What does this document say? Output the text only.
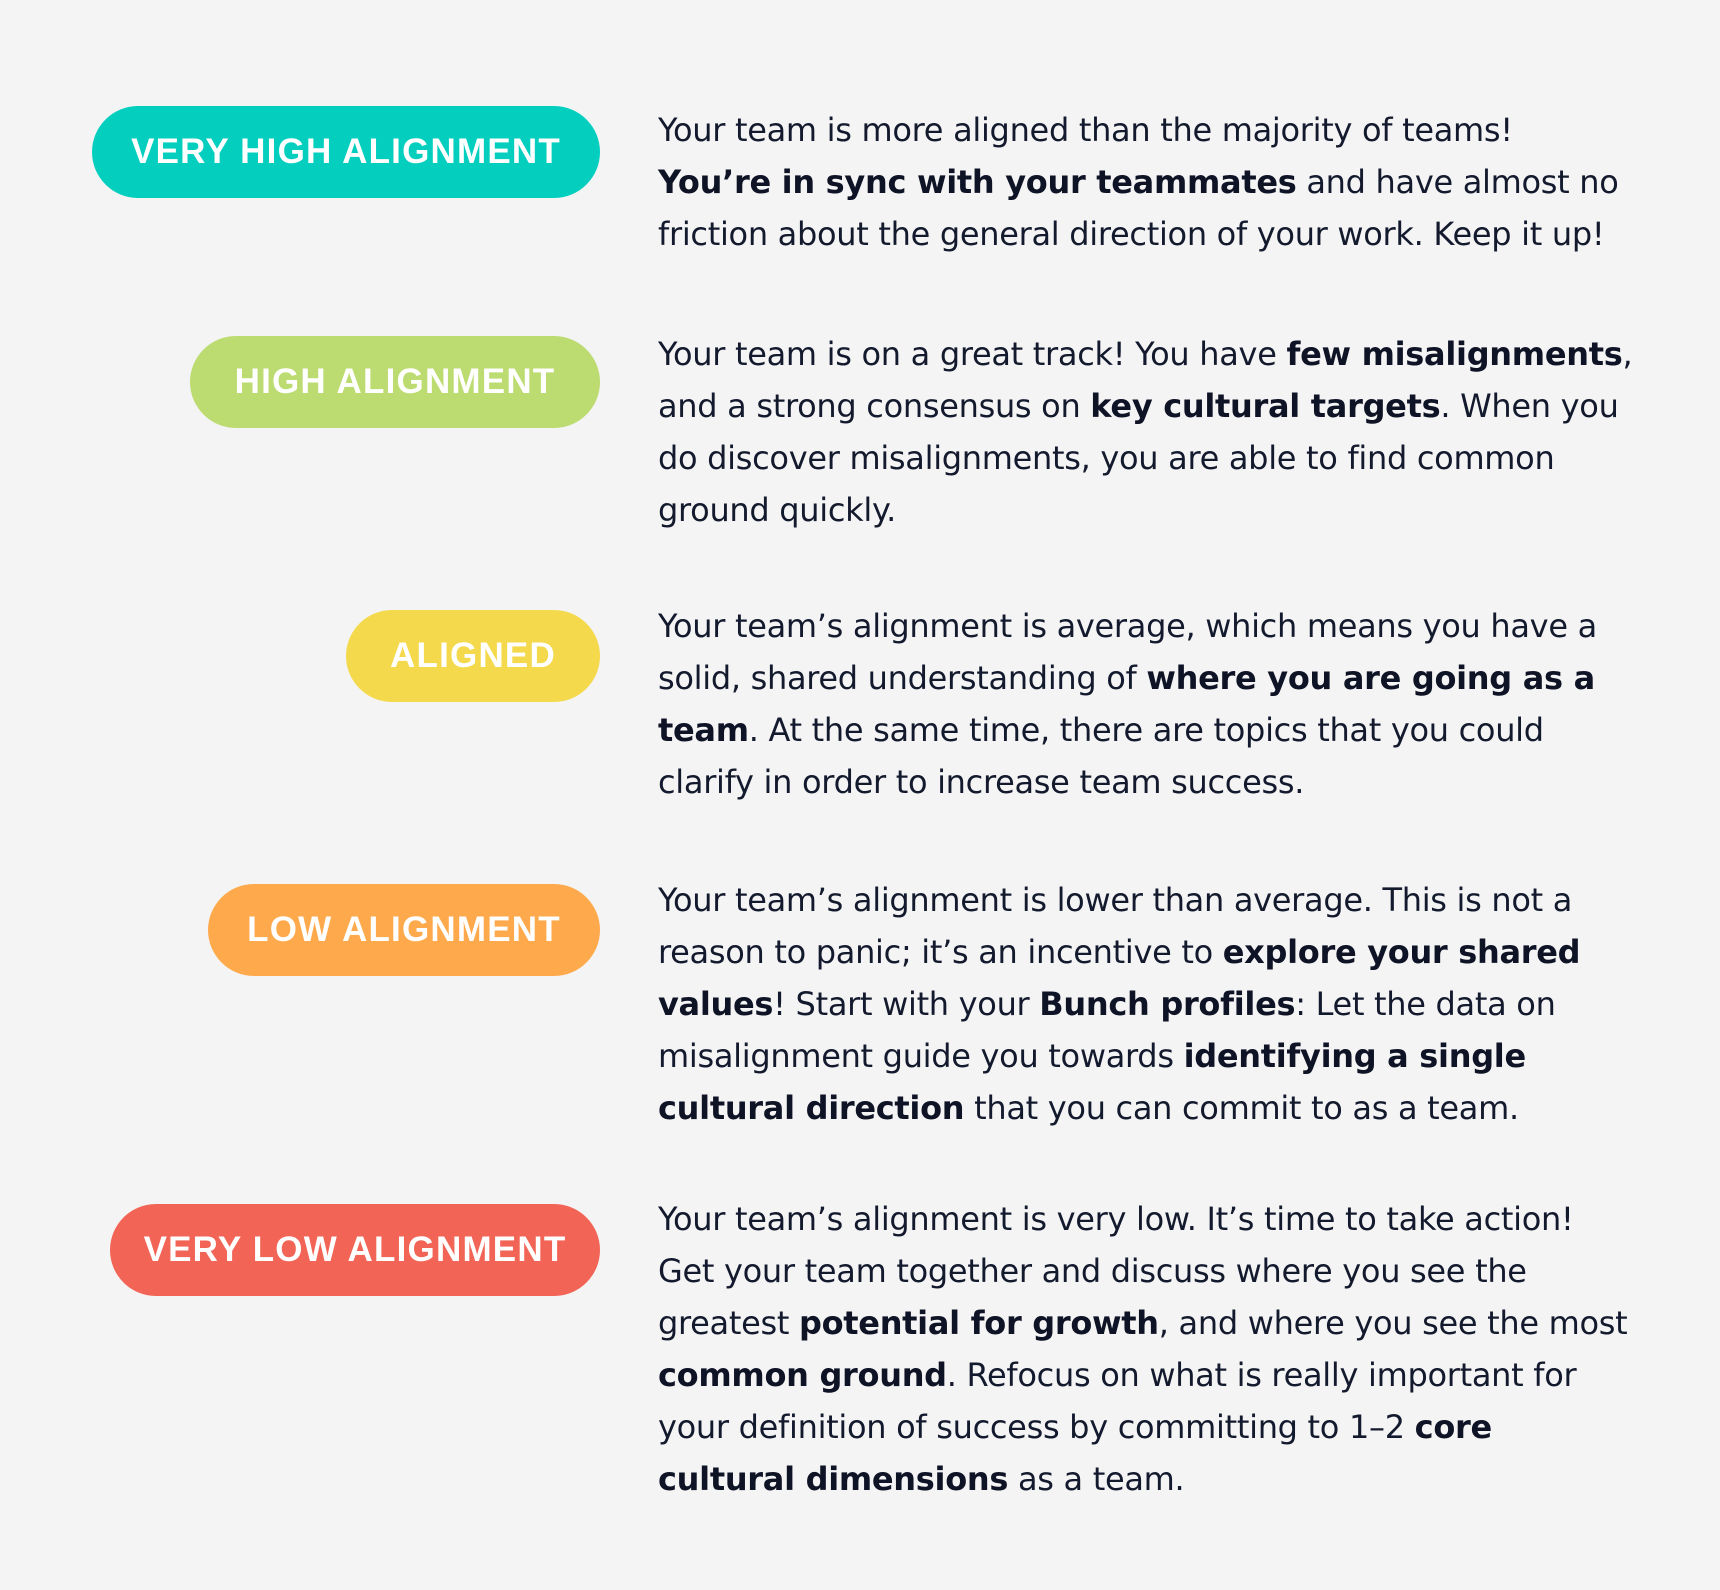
VERY HIGH ALIGNMENT

Your team is more aligned than the majority of teams!
You’re in sync with your teammates and have almost no
friction about the general direction of your work. Keep it up!

HIGH ALIGNMENT

Your team is on a great track! You have few misalignments,
and a strong consensus on key cultural targets. When you
do discover misalignments, you are able to find common
ground quickly.

ALIGNED

Your team’s alignment is average, which means you have a
solid, shared understanding of where you are going as a
team. At the same time, there are topics that you could
clarify in order to increase team success.

LOW ALIGNMENT

Your team’s alignment is lower than average. This is not a
reason to panic; it’s an incentive to explore your shared
values! Start with your Bunch profiles: Let the data on
misalignment guide you towards identifying a single
cultural direction that you can commit to as a team.

VERY LOW ALIGNMENT

Your team’s alignment is very low. It’s time to take action!
Get your team together and discuss where you see the
greatest potential for growth, and where you see the most
common ground. Refocus on what is really important for
your definition of success by committing to 1–2 core
cultural dimensions as a team.
